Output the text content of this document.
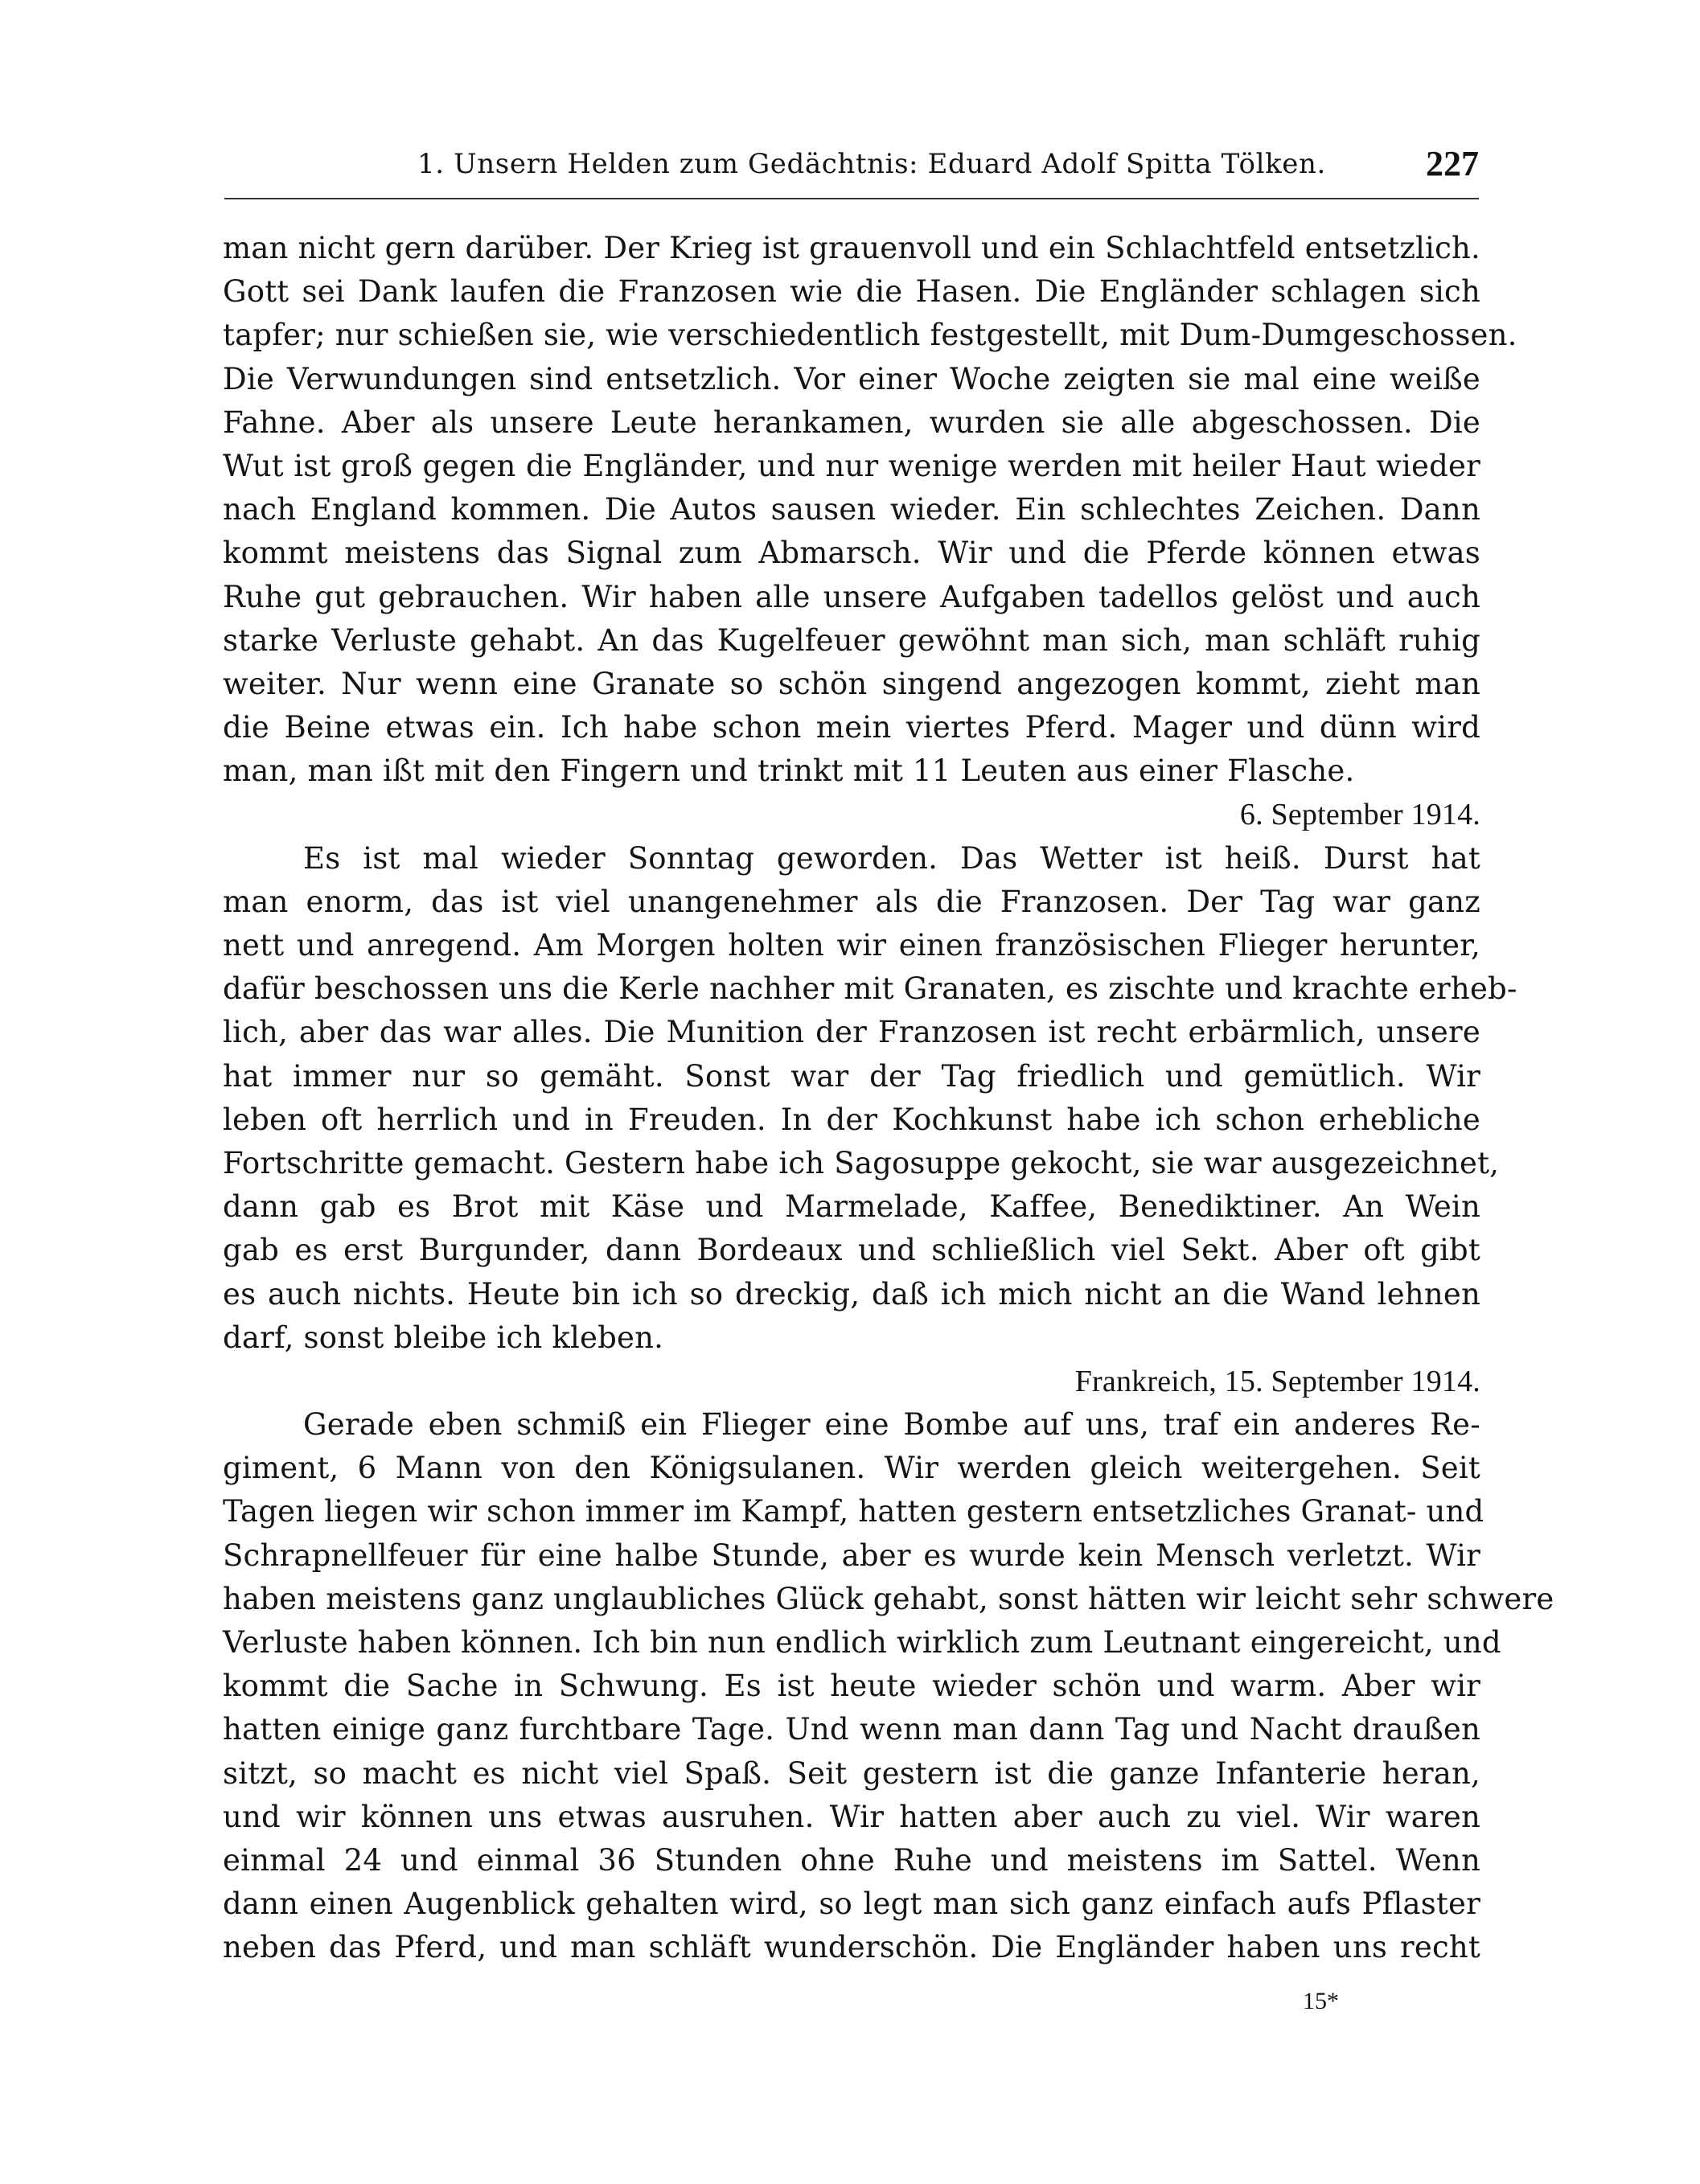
1. Unsern Helden zum Gedächtnis: Eduard Adolf Spitta Tölken.	227
man nicht gern darüber. Der Krieg ist grauenvoll und ein Schlachtfeld entsetzlich.
Gott sei Dank laufen die Franzosen wie die Hasen. Die Engländer schlagen sich
tapfer; nur schießen sie, wie verschiedentlich festgestellt, mit Dum-Dumgeschossen.
Die Verwundungen sind entsetzlich. Vor einer Woche zeigten sie mal eine weiße
Fahne. Aber als unsere Leute herankamen, wurden sie alle abgeschossen. Die
Wut ist groß gegen die Engländer, und nur wenige werden mit heiler Haut wieder
nach England kommen. Die Autos sausen wieder. Ein schlechtes Zeichen. Dann
kommt meistens das Signal zum Abmarsch. Wir und die Pferde können etwas
Ruhe gut gebrauchen. Wir haben alle unsere Aufgaben tadellos gelöst und auch
starke Verluste gehabt. An das Kugelfeuer gewöhnt man sich, man schläft ruhig
weiter. Nur wenn eine Granate so schön singend angezogen kommt, zieht man
die Beine etwas ein. Ich habe schon mein viertes Pferd. Mager und dünn wird
man, man ißt mit den Fingern und trinkt mit 11 Leuten aus einer Flasche.
6. September 1914.
Es ist mal wieder Sonntag geworden. Das Wetter ist heiß. Durst hat
man enorm, das ist viel unangenehmer als die Franzosen. Der Tag war ganz
nett und anregend. Am Morgen holten wir einen französischen Flieger herunter,
dafür beschossen uns die Kerle nachher mit Granaten, es zischte und krachte erheb-
lich, aber das war alles. Die Munition der Franzosen ist recht erbärmlich, unsere
hat immer nur so gemäht. Sonst war der Tag friedlich und gemütlich. Wir
leben oft herrlich und in Freuden. In der Kochkunst habe ich schon erhebliche
Fortschritte gemacht. Gestern habe ich Sagosuppe gekocht, sie war ausgezeichnet,
dann gab es Brot mit Käse und Marmelade, Kaffee, Benediktiner. An Wein
gab es erst Burgunder, dann Bordeaux und schließlich viel Sekt. Aber oft gibt
es auch nichts. Heute bin ich so dreckig, daß ich mich nicht an die Wand lehnen
darf, sonst bleibe ich kleben.
Frankreich, 15. September 1914.
Gerade eben schmiß ein Flieger eine Bombe auf uns, traf ein anderes Re-
giment, 6 Mann von den Königsulanen. Wir werden gleich weitergehen. Seit
Tagen liegen wir schon immer im Kampf, hatten gestern entsetzliches Granat- und
Schrapnellfeuer für eine halbe Stunde, aber es wurde kein Mensch verletzt. Wir
haben meistens ganz unglaubliches Glück gehabt, sonst hätten wir leicht sehr schwere
Verluste haben können. Ich bin nun endlich wirklich zum Leutnant eingereicht, und
kommt die Sache in Schwung. Es ist heute wieder schön und warm. Aber wir
hatten einige ganz furchtbare Tage. Und wenn man dann Tag und Nacht draußen
sitzt, so macht es nicht viel Spaß. Seit gestern ist die ganze Infanterie heran,
und wir können uns etwas ausruhen. Wir hatten aber auch zu viel. Wir waren
einmal 24 und einmal 36 Stunden ohne Ruhe und meistens im Sattel. Wenn
dann einen Augenblick gehalten wird, so legt man sich ganz einfach aufs Pflaster
neben das Pferd, und man schläft wunderschön. Die Engländer haben uns recht
15*
